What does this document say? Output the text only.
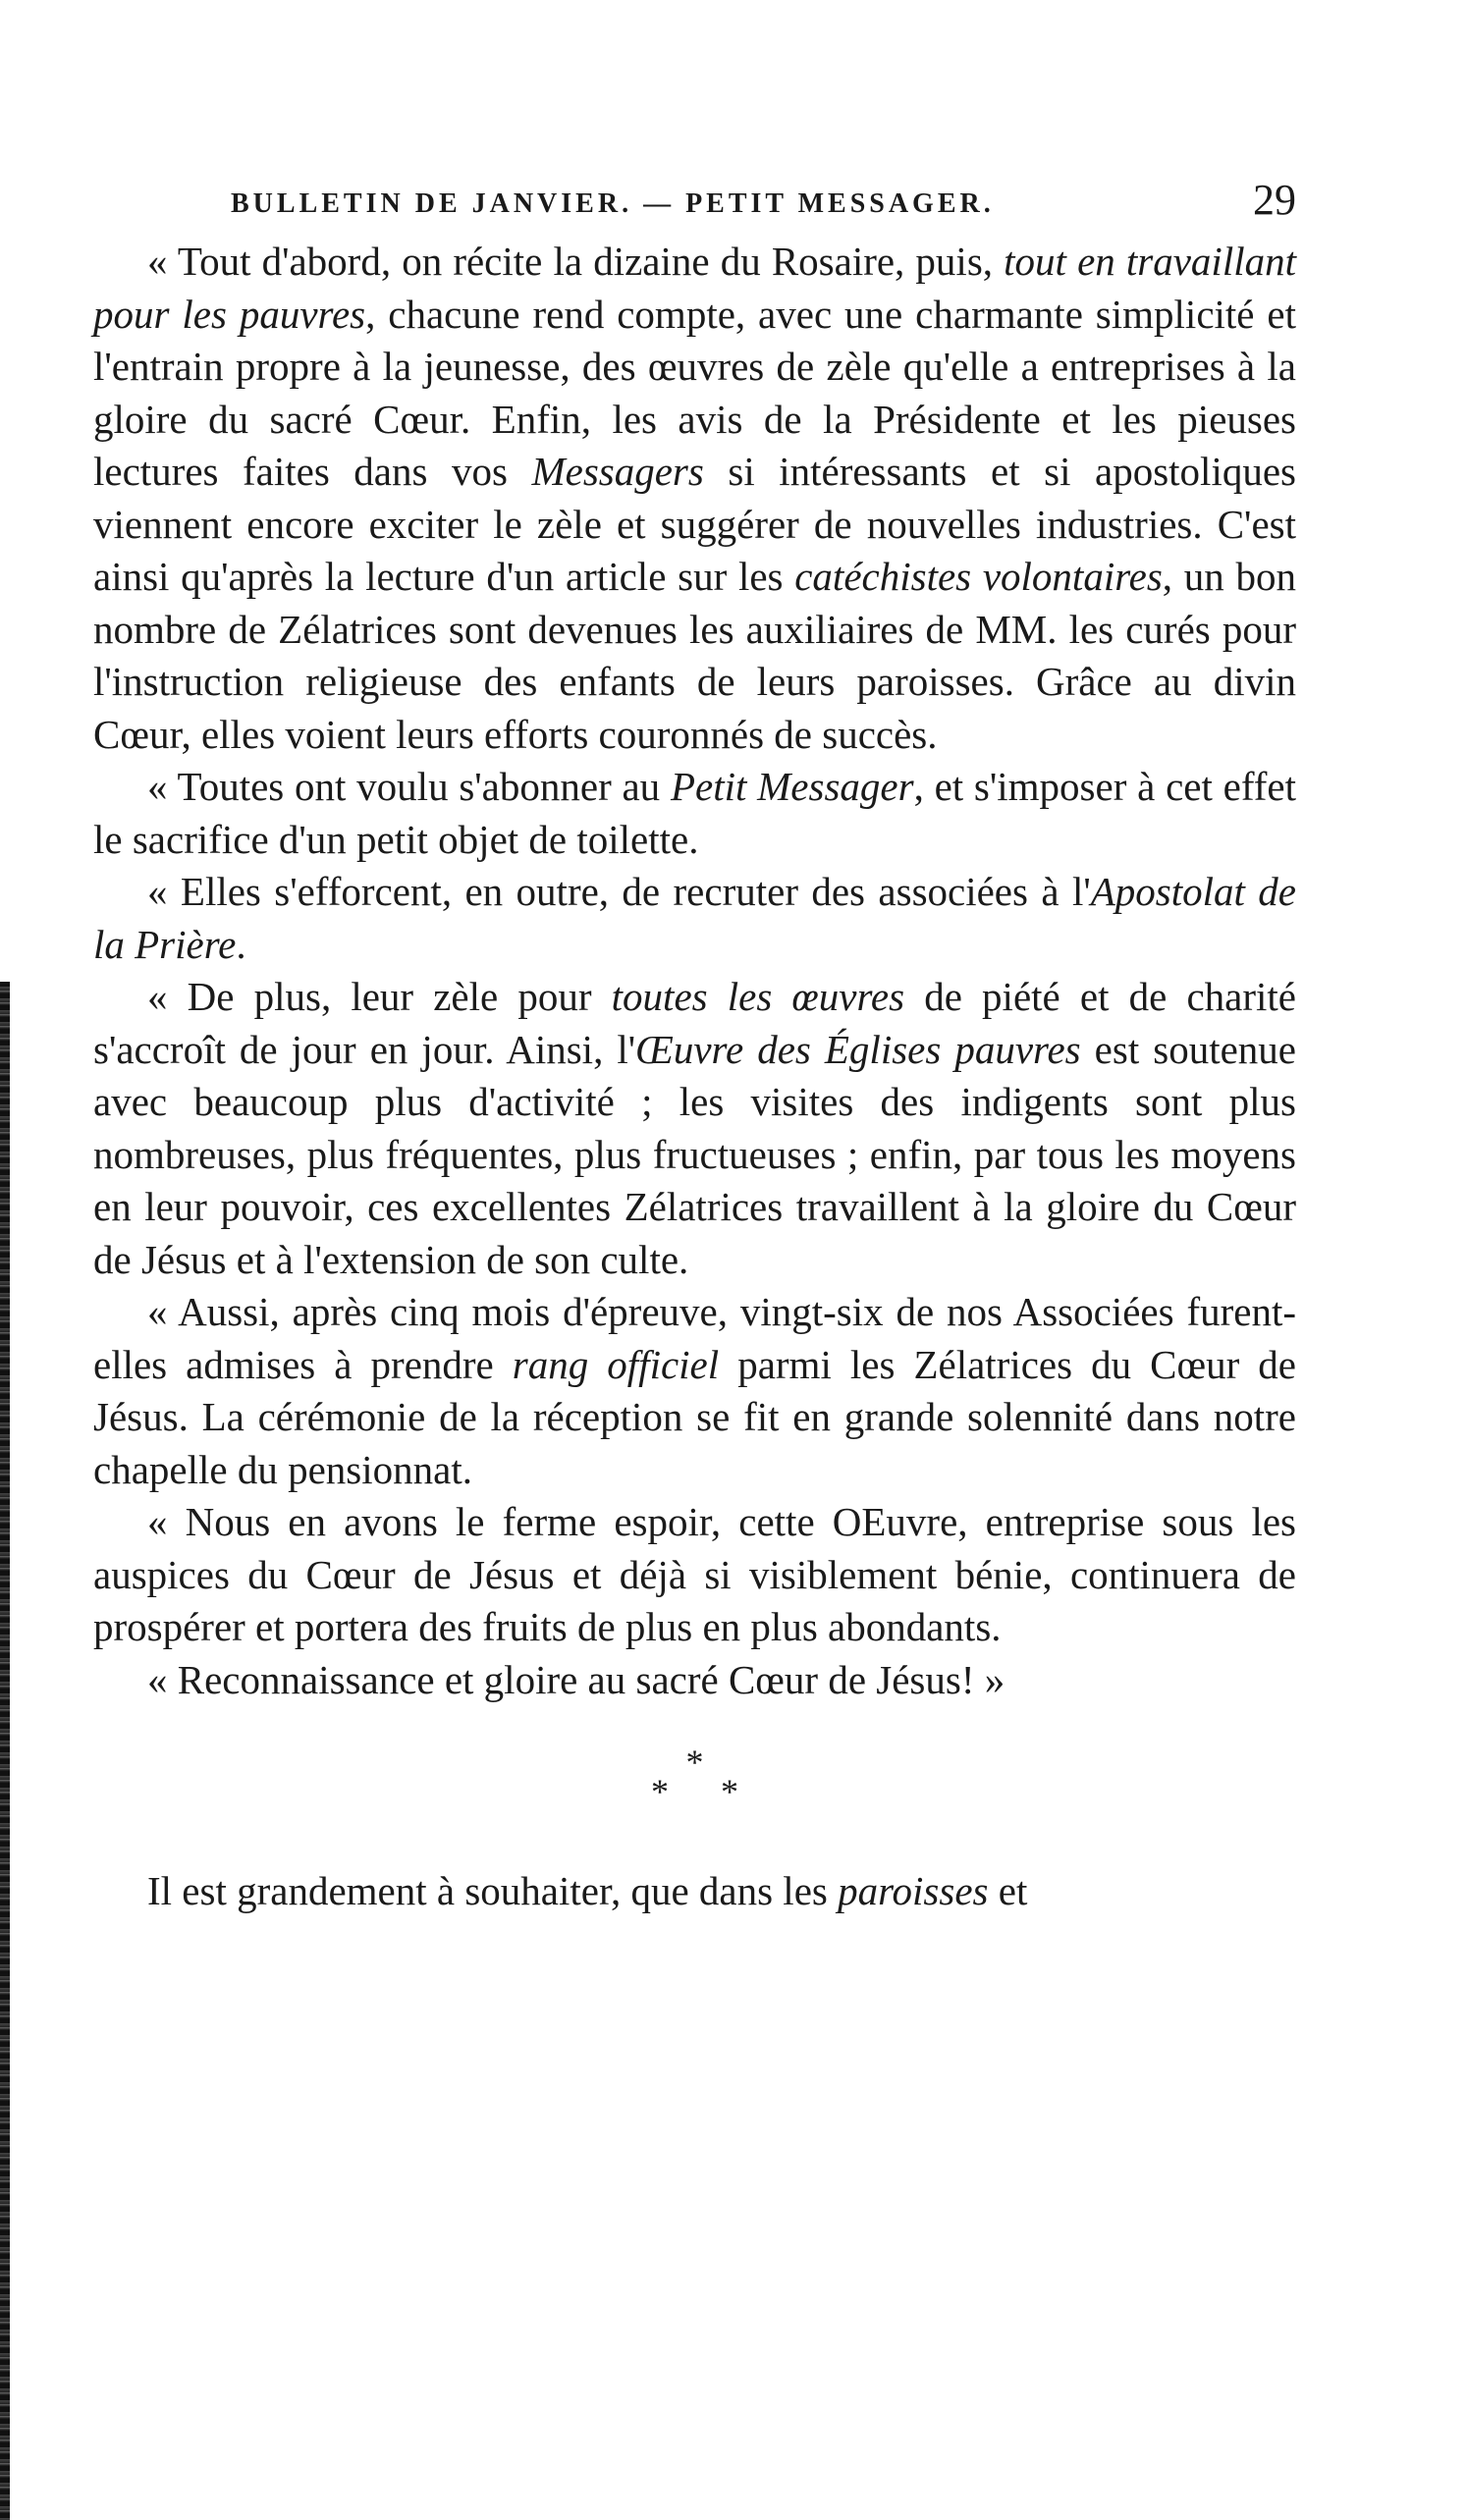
BULLETIN DE JANVIER. — PETIT MESSAGER.	29

« Tout d'abord, on récite la dizaine du Rosaire, puis, tout en travaillant pour les pauvres, chacune rend compte, avec une charmante simplicité et l'entrain propre à la jeunesse, des œuvres de zèle qu'elle a entreprises à la gloire du sacré Cœur. Enfin, les avis de la Présidente et les pieuses lectures faites dans vos Messagers si intéressants et si apostoliques viennent encore exciter le zèle et suggérer de nouvelles industries. C'est ainsi qu'après la lecture d'un article sur les catéchistes volontaires, un bon nombre de Zélatrices sont devenues les auxiliaires de MM. les curés pour l'instruction religieuse des enfants de leurs paroisses. Grâce au divin Cœur, elles voient leurs efforts couronnés de succès.

« Toutes ont voulu s'abonner au Petit Messager, et s'imposer à cet effet le sacrifice d'un petit objet de toilette.

« Elles s'efforcent, en outre, de recruter des associées à l'Apostolat de la Prière.

« De plus, leur zèle pour toutes les œuvres de piété et de charité s'accroît de jour en jour. Ainsi, l'Œuvre des Églises pauvres est soutenue avec beaucoup plus d'activité ; les visites des indigents sont plus nombreuses, plus fréquentes, plus fructueuses ; enfin, par tous les moyens en leur pouvoir, ces excellentes Zélatrices travaillent à la gloire du Cœur de Jésus et à l'extension de son culte.

« Aussi, après cinq mois d'épreuve, vingt-six de nos Associées furent-elles admises à prendre rang officiel parmi les Zélatrices du Cœur de Jésus. La cérémonie de la réception se fit en grande solennité dans notre chapelle du pensionnat.

« Nous en avons le ferme espoir, cette OEuvre, entreprise sous les auspices du Cœur de Jésus et déjà si visiblement bénie, continuera de prospérer et portera des fruits de plus en plus abondants.

« Reconnaissance et gloire au sacré Cœur de Jésus! »

*
* *

Il est grandement à souhaiter, que dans les paroisses et
